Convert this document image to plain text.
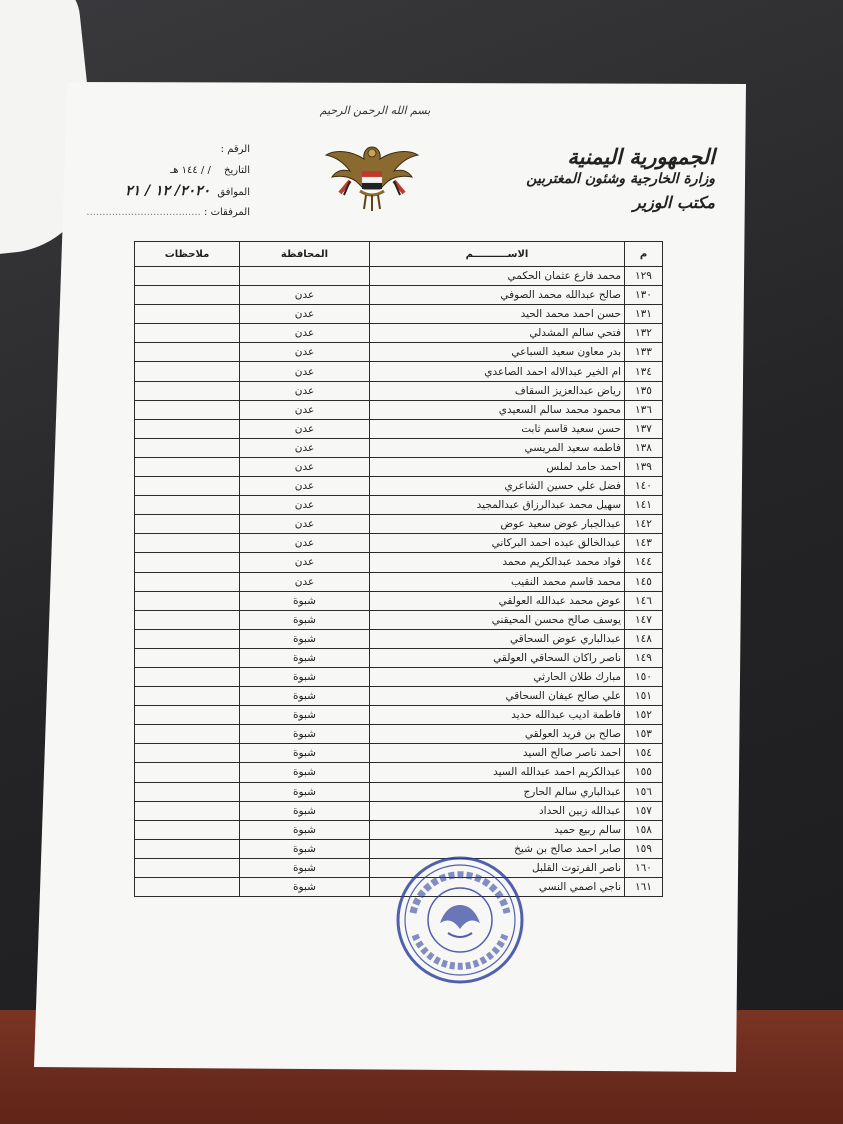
بسم الله الرحمن الرحيم
الجمهورية اليمنية
وزارة الخارجية وشئون المغتربين
مكتب الوزير
الرقم :
التاريخ / / ١٤٤ هـ
الموافق ٢٠٢٠/ ١٢ / ٢١
المرفقات : ....................................
م	الاســــــــــم	المحافظة	ملاحظات
١٢٩	محمد فارع عثمان الحكمي		
١٣٠	صالح عبدالله محمد الصوفي	عدن	
١٣١	حسن احمد محمد الحيد	عدن	
١٣٢	فتحي سالم المشدلي	عدن	
١٣٣	بدر معاون سعيد السباعي	عدن	
١٣٤	ام الخير عبدالاله احمد الصاعدي	عدن	
١٣٥	رياض عبدالعزيز السقاف	عدن	
١٣٦	محمود محمد سالم السعيدي	عدن	
١٣٧	حسن سعيد قاسم ثابت	عدن	
١٣٨	فاطمه سعيد المريسي	عدن	
١٣٩	احمد حامد لملس	عدن	
١٤٠	فضل علي حسين الشاعري	عدن	
١٤١	سهيل محمد عبدالرزاق عبدالمجيد	عدن	
١٤٢	عبدالجبار عوض سعيد عوض	عدن	
١٤٣	عبدالخالق عبده احمد البركاني	عدن	
١٤٤	فواد محمد عبدالكريم محمد	عدن	
١٤٥	محمد قاسم محمد النقيب	عدن	
١٤٦	عوض محمد عبدالله العولقي	شبوة	
١٤٧	يوسف صالح محسن المحيقني	شبوة	
١٤٨	عبدالباري عوض السحاقي	شبوة	
١٤٩	ناصر راكان السحاقي العولقي	شبوة	
١٥٠	مبارك طلان الحارثي	شبوة	
١٥١	علي صالح عيفان السحاقي	شبوة	
١٥٢	فاطمة اديب عبدالله حديد	شبوة	
١٥٣	صالح بن فريد العولقي	شبوة	
١٥٤	احمد ناصر صالح السيد	شبوة	
١٥٥	عبدالكريم احمد عبدالله السيد	شبوة	
١٥٦	عبدالباري سالم الحارج	شبوة	
١٥٧	عبدالله زبين الحداد	شبوة	
١٥٨	سالم ربيع حميد	شبوة	
١٥٩	صابر احمد صالح بن شيخ	شبوة	
١٦٠	ناصر الفرتوت القلبل	شبوة	
١٦١	ناجي اصمي النسي	شبوة	
